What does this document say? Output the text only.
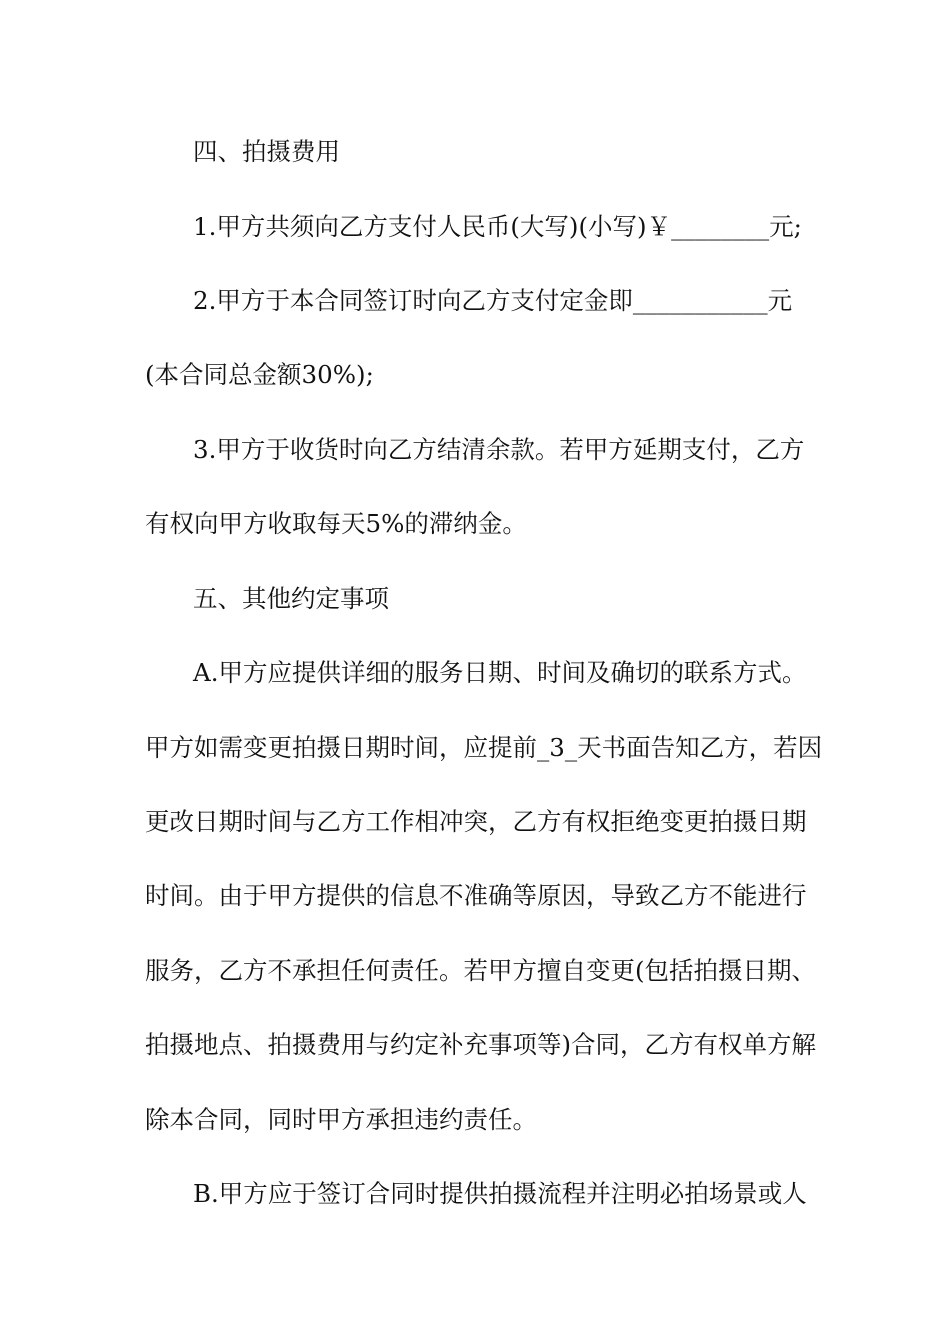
四、拍摄费用
1.甲方共须向乙方支付人民币(大写)(小写)￥________元;
2.甲方于本合同签订时向乙方支付定金即___________元
(本合同总金额30%);
3.甲方于收货时向乙方结清余款。若甲方延期支付，乙方
有权向甲方收取每天5%的滞纳金。
五、其他约定事项
A.甲方应提供详细的服务日期、时间及确切的联系方式。
甲方如需变更拍摄日期时间，应提前_3_天书面告知乙方，若因
更改日期时间与乙方工作相冲突，乙方有权拒绝变更拍摄日期
时间。由于甲方提供的信息不准确等原因，导致乙方不能进行
服务，乙方不承担任何责任。若甲方擅自变更(包括拍摄日期、
拍摄地点、拍摄费用与约定补充事项等)合同，乙方有权单方解
除本合同，同时甲方承担违约责任。
B.甲方应于签订合同时提供拍摄流程并注明必拍场景或人
